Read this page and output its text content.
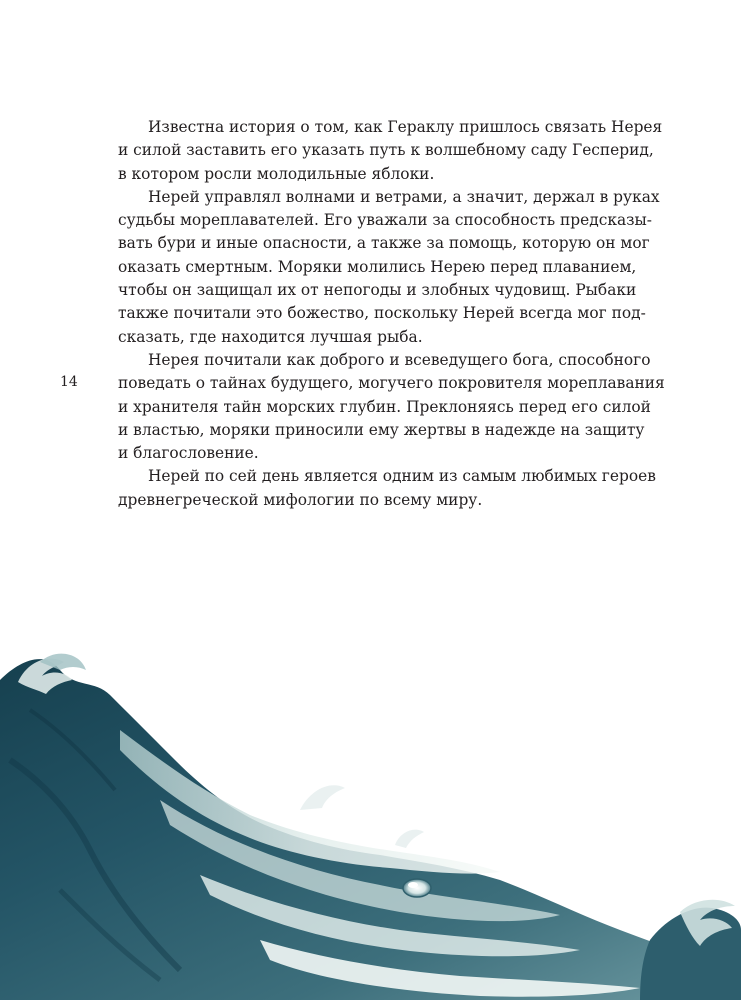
14

Известна история о том, как Гераклу пришлось связать Нерея
и силой заставить его указать путь к волшебному саду Гесперид,
в котором росли молодильные яблоки.

Нерей управлял волнами и ветрами, а значит, держал в руках
судьбы мореплавателей. Его уважали за способность предсказы-
вать бури и иные опасности, а также за помощь, которую он мог
оказать смертным. Моряки молились Нерею перед плаванием,
чтобы он защищал их от непогоды и злобных чудовищ. Рыбаки
также почитали это божество, поскольку Нерей всегда мог под-
сказать, где находится лучшая рыба.

Нерея почитали как доброго и всеведущего бога, способного
поведать о тайнах будущего, могучего покровителя мореплавания
и хранителя тайн морских глубин. Преклоняясь перед его силой
и властью, моряки приносили ему жертвы в надежде на защиту
и благословение.

Нерей по сей день является одним из самым любимых героев
древнегреческой мифологии по всему миру.
